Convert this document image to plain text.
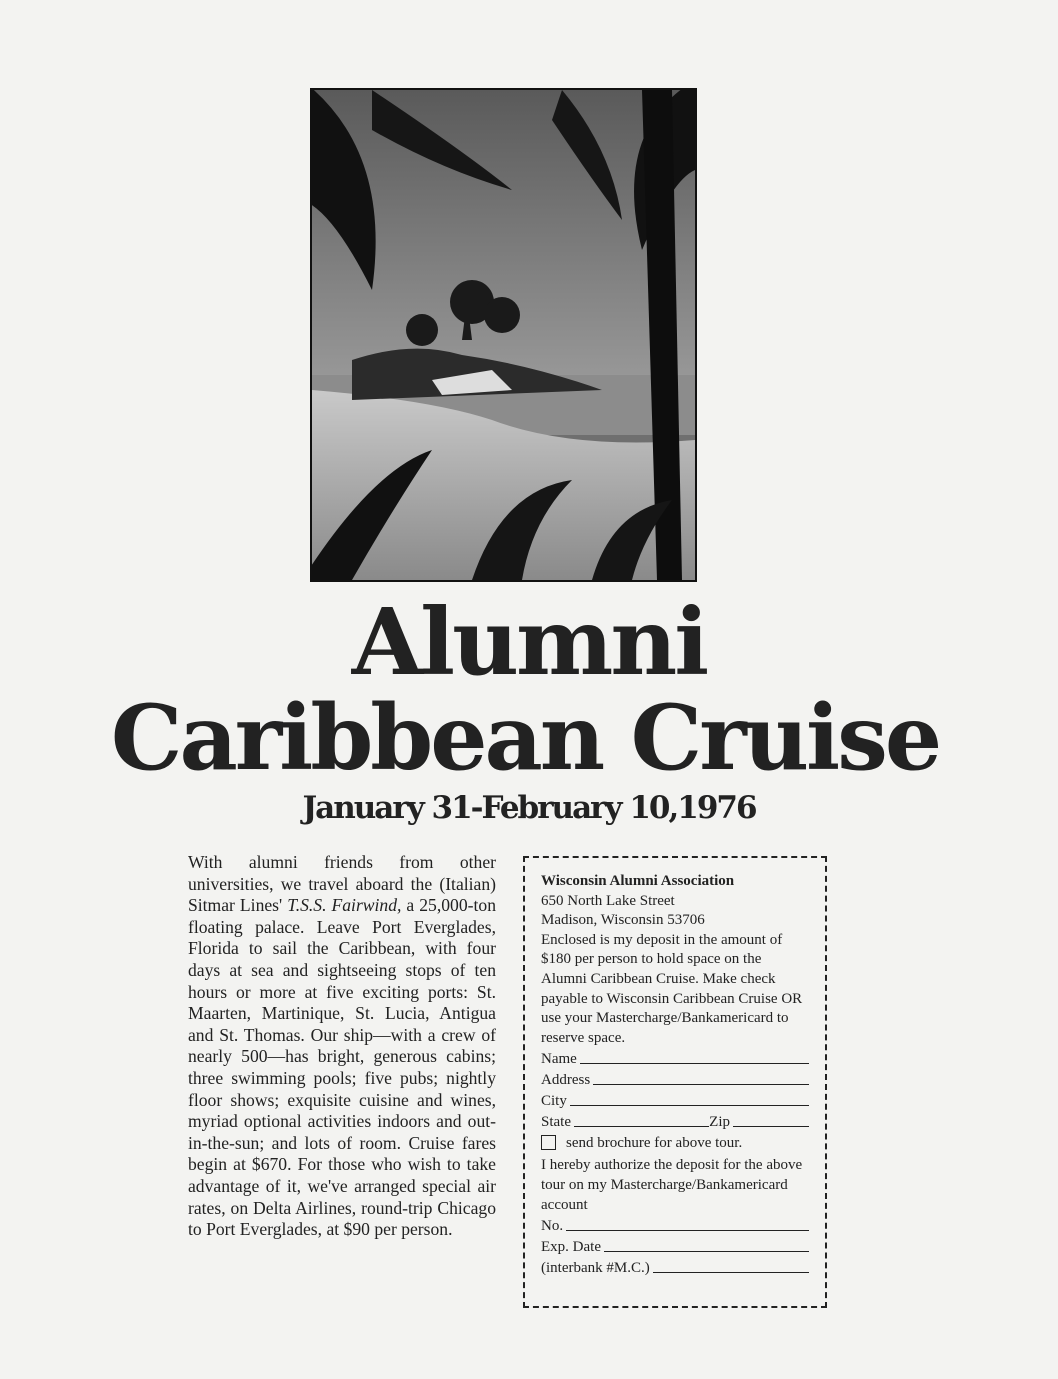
Alumni
Caribbean Cruise
January 31-February 10,1976

With alumni friends from other universities, we travel aboard the (Italian) Sitmar Lines' T.S.S. Fairwind, a 25,000-ton floating palace. Leave Port Everglades, Florida to sail the Caribbean, with four days at sea and sightseeing stops of ten hours or more at five exciting ports: St. Maarten, Martinique, St. Lucia, Antigua and St. Thomas. Our ship—with a crew of nearly 500—has bright, generous cabins; three swimming pools; five pubs; nightly floor shows; exquisite cuisine and wines, myriad optional activities indoors and out-in-the-sun; and lots of room. Cruise fares begin at $670. For those who wish to take advantage of it, we've arranged special air rates, on Delta Airlines, round-trip Chicago to Port Everglades, at $90 per person.

Wisconsin Alumni Association

650 North Lake Street

Madison, Wisconsin 53706

Enclosed is my deposit in the amount of $180 per person to hold space on the Alumni Caribbean Cruise. Make check payable to Wisconsin Caribbean Cruise OR use your Mastercharge/Bankamericard to reserve space.

Name
Address
City
State	Zip
send brochure for above tour.

I hereby authorize the deposit for the above tour on my Mastercharge/Bankamericard account

No.
Exp. Date
(interbank #M.C.)
